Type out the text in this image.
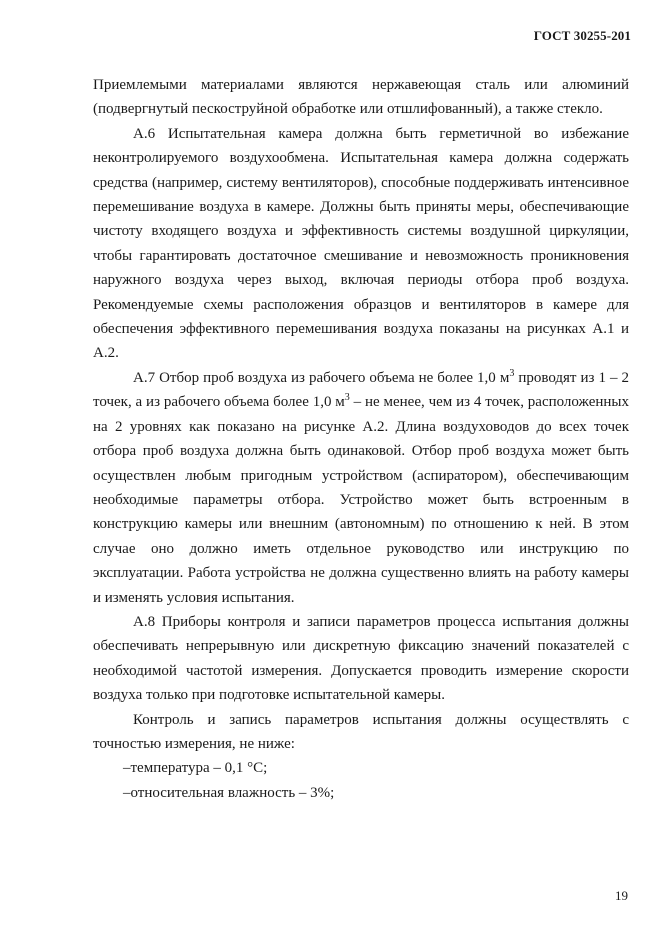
ГОСТ 30255-201

Приемлемыми материалами являются нержавеющая сталь или алюминий (подвергнутый пескоструйной обработке или отшлифованный), а также стекло.

А.6 Испытательная камера должна быть герметичной во избежание неконтролируемого воздухообмена. Испытательная камера должна содержать средства (например, систему вентиляторов), способные поддерживать интенсивное перемешивание воздуха в камере. Должны быть приняты меры, обеспечивающие чистоту входящего воздуха и эффективность системы воздушной циркуляции, чтобы гарантировать достаточное смешивание и невозможность проникновения наружного воздуха через выход, включая периоды отбора проб воздуха. Рекомендуемые схемы расположения образцов и вентиляторов в камере для обеспечения эффективного перемешивания воздуха показаны на рисунках А.1 и А.2.

А.7 Отбор проб воздуха из рабочего объема не более 1,0 $м^3$ проводят из 1 – 2 точек, а из рабочего объема более 1,0 $м^3$ – не менее, чем из 4 точек, расположенных на 2 уровнях как показано на рисунке А.2. Длина воздуховодов до всех точек отбора проб воздуха должна быть одинаковой. Отбор проб воздуха может быть осуществлен любым пригодным устройством (аспиратором), обеспечивающим необходимые параметры отбора. Устройство может быть встроенным в конструкцию камеры или внешним (автономным) по отношению к ней. В этом случае оно должно иметь отдельное руководство или инструкцию по эксплуатации. Работа устройства не должна существенно влиять на работу камеры и изменять условия испытания.

А.8 Приборы контроля и записи параметров процесса испытания должны обеспечивать непрерывную или дискретную фиксацию значений показателей с необходимой частотой измерения. Допускается проводить измерение скорости воздуха только при подготовке испытательной камеры.

Контроль и запись параметров испытания должны осуществлять с точностью измерения, не ниже:

‒температура – 0,1 °С;

‒относительная влажность – 3%;

19
